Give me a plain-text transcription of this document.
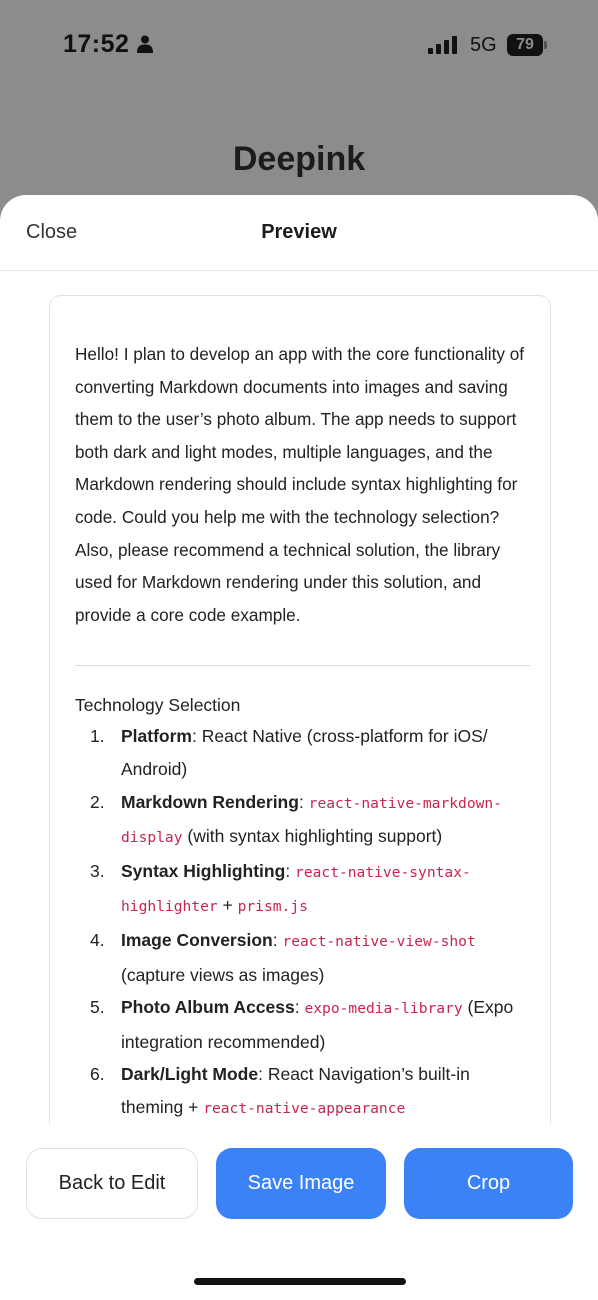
17:52	5G	79
Deepink
Close	Preview

Hello! I plan to develop an app with the core functionality of converting Markdown documents into images and saving them to the user’s photo album. The app needs to support both dark and light modes, multiple languages, and the Markdown rendering should include syntax highlighting for code. Could you help me with the technology selection? Also, please recommend a technical solution, the library used for Markdown rendering under this solution, and provide a core code example.

Technology Selection
1. Platform: React Native (cross-platform for iOS/ Android)
2. Markdown Rendering: react-native-markdown-display (with syntax highlighting support)
3. Syntax Highlighting: react-native-syntax-highlighter + prism.js
4. Image Conversion: react-native-view-shot (capture views as images)
5. Photo Album Access: expo-media-library (Expo integration recommended)
6. Dark/Light Mode: React Navigation’s built-in theming + react-native-appearance
Back to Edit	Save Image	Crop
